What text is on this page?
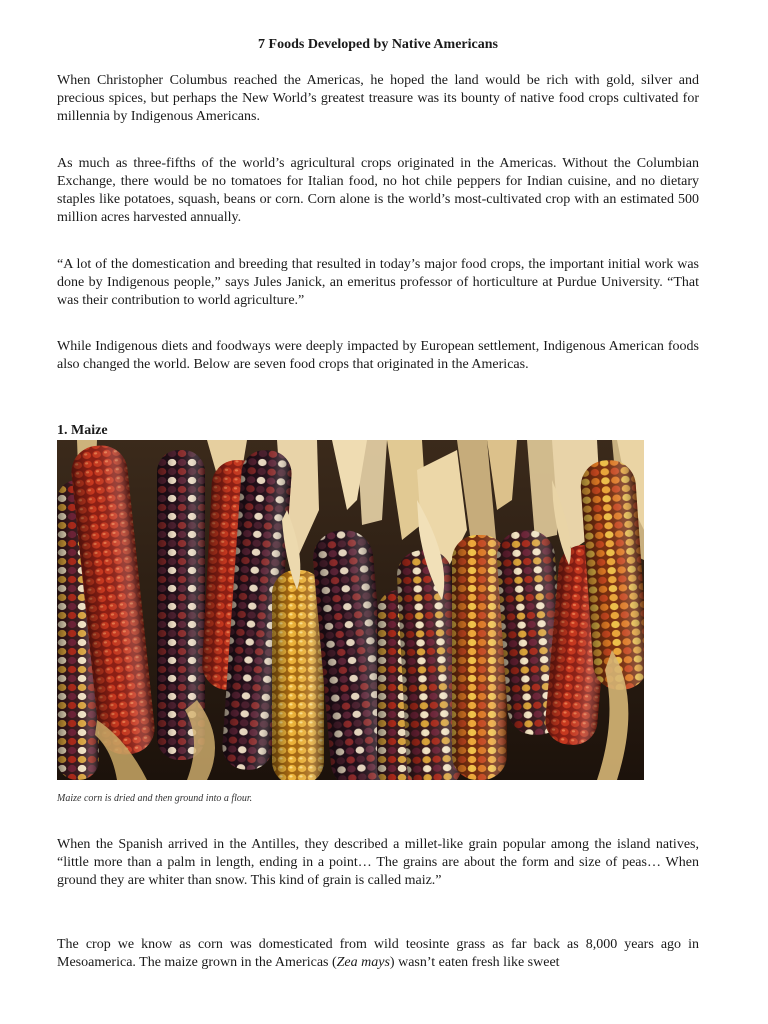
7 Foods Developed by Native Americans

When Christopher Columbus reached the Americas, he hoped the land would be rich with gold, silver and precious spices, but perhaps the New World’s greatest treasure was its bounty of native food crops cultivated for millennia by Indigenous Americans.

As much as three-fifths of the world’s agricultural crops originated in the Americas. Without the Columbian Exchange, there would be no tomatoes for Italian food, no hot chile peppers for Indian cuisine, and no dietary staples like potatoes, squash, beans or corn. Corn alone is the world’s most-cultivated crop with an estimated 500 million acres harvested annually.

“A lot of the domestication and breeding that resulted in today’s major food crops, the important initial work was done by Indigenous people,” says Jules Janick, an emeritus professor of horticulture at Purdue University. “That was their contribution to world agriculture.”

While Indigenous diets and foodways were deeply impacted by European settlement, Indigenous American foods also changed the world. Below are seven food crops that originated in the Americas.

1. Maize
Maize corn is dried and then ground into a flour.

When the Spanish arrived in the Antilles, they described a millet-like grain popular among the island natives, “little more than a palm in length, ending in a point… The grains are about the form and size of peas… When ground they are whiter than snow. This kind of grain is called maiz.”

The crop we know as corn was domesticated from wild teosinte grass as far back as 8,000 years ago in Mesoamerica. The maize grown in the Americas (Zea mays) wasn’t eaten fresh like sweet
